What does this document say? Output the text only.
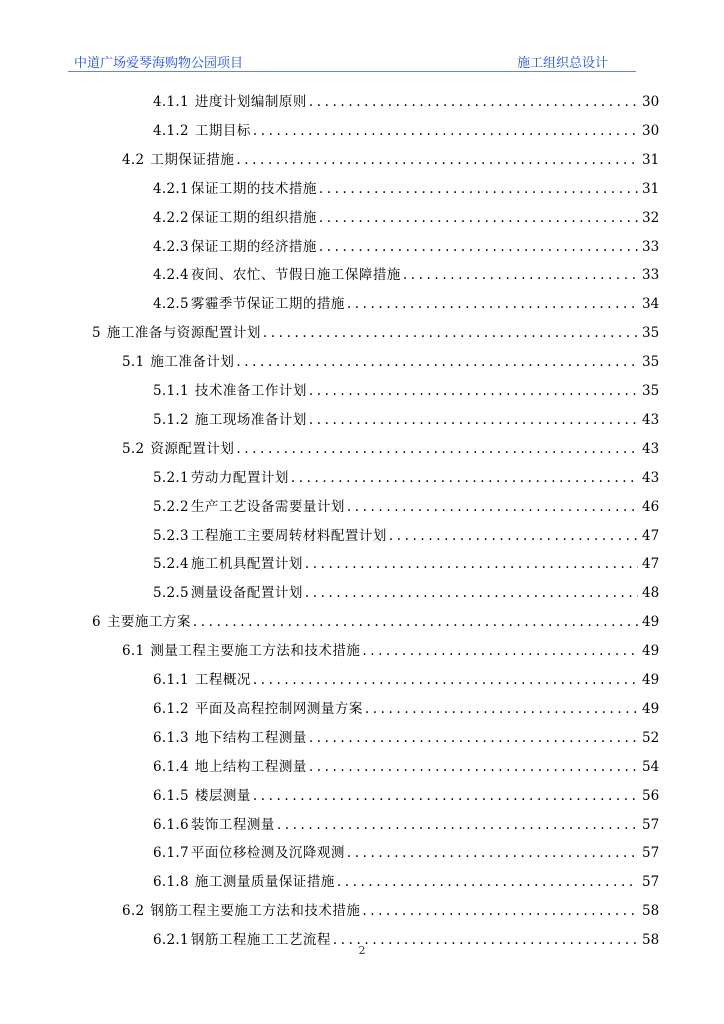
中道广场爱琴海购物公园项目	施工组织总设计
4.1.1 进度计划编制原则 .....	30
4.1.2 工期目标 .....	30
4.2 工期保证措施 .....	31
4.2.1 保证工期的技术措施 .....	31
4.2.2 保证工期的组织措施 .....	32
4.2.3 保证工期的经济措施 .....	33
4.2.4 夜间、农忙、节假日施工保障措施 .....	33
4.2.5 雾霾季节保证工期的措施 .....	34
5 施工准备与资源配置计划 .....	35
5.1 施工准备计划 .....	35
5.1.1 技术准备工作计划 .....	35
5.1.2 施工现场准备计划 .....	43
5.2 资源配置计划 .....	43
5.2.1 劳动力配置计划 .....	43
5.2.2 生产工艺设备需要量计划 .....	46
5.2.3 工程施工主要周转材料配置计划 .....	47
5.2.4 施工机具配置计划 .....	47
5.2.5 测量设备配置计划 .....	48
6 主要施工方案 .....	49
6.1 测量工程主要施工方法和技术措施 .....	49
6.1.1 工程概况 .....	49
6.1.2 平面及高程控制网测量方案 .....	49
6.1.3 地下结构工程测量 .....	52
6.1.4 地上结构工程测量 .....	54
6.1.5 楼层测量 .....	56
6.1.6 装饰工程测量 .....	57
6.1.7 平面位移检测及沉降观测 .....	57
6.1.8 施工测量质量保证措施 .....	57
6.2 钢筋工程主要施工方法和技术措施 .....	58
6.2.1 钢筋工程施工工艺流程 .....	58
2
